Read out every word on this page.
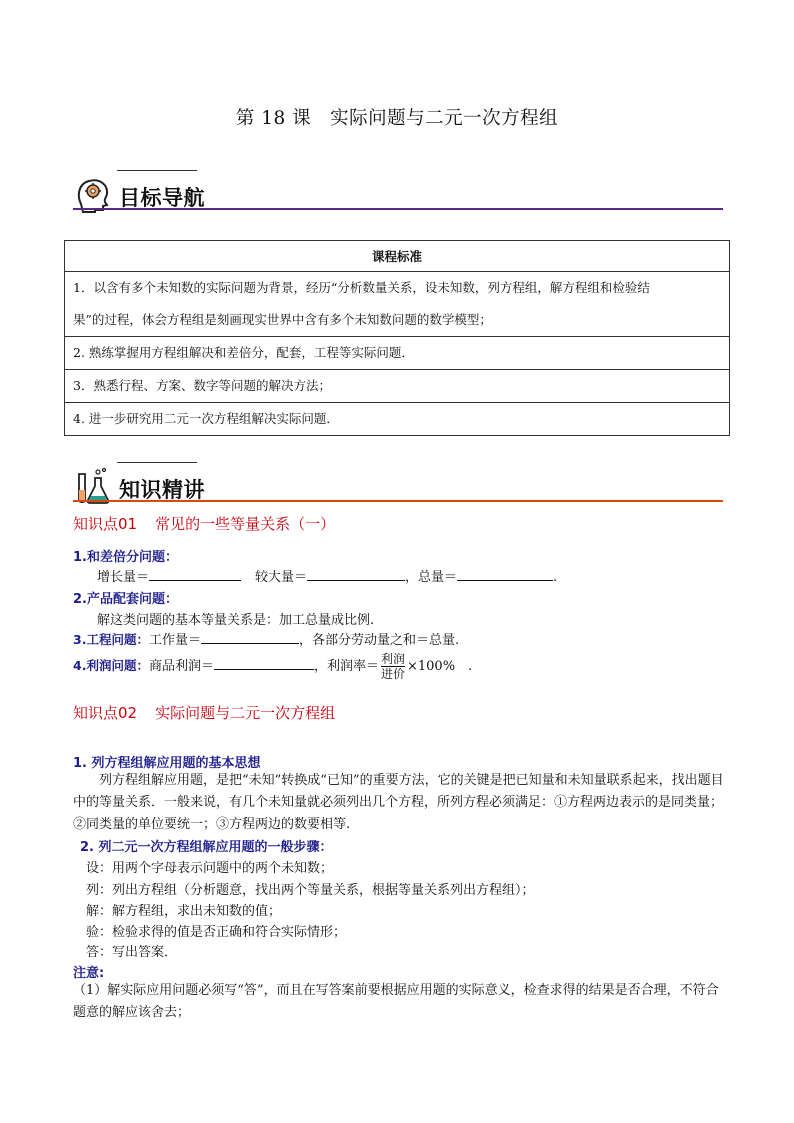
第 18 课　实际问题与二元一次方程组
目标导航
课程标准

1．以含有多个未知数的实际问题为背景，经历“分析数量关系，设未知数，列方程组，解方程组和检验结
果”的过程，体会方程组是刻画现实世界中含有多个未知数问题的数学模型；

2. 熟练掌握用方程组解决和差倍分，配套，工程等实际问题．
3．熟悉行程、方案、数字等问题的解决方法；
4. 进一步研究用二元一次方程组解决实际问题．
知识精讲
知识点01 常见的一些等量关系（一）
1.和差倍分问题：
增长量＝	较大量＝	，总量＝	.
2.产品配套问题：
解这类问题的基本等量关系是：加工总量成比例.
3.工程问题：工作量＝	，各部分劳动量之和＝总量.
4.利润问题：商品利润＝	，利润率＝ $\frac{\text{利润}}{\text{进价}} \times 100\%$　.
知识点02 实际问题与二元一次方程组
1. 列方程组解应用题的基本思想
列方程组解应用题，是把“未知”转换成“已知”的重要方法，它的关键是把已知量和未知量联系起来，找出题目中的等量关系．一般来说，有几个未知量就必须列出几个方程，所列方程必须满足：①方程两边表示的是同类量；②同类量的单位要统一；③方程两边的数要相等.
2. 列二元一次方程组解应用题的一般步骤：
设：用两个字母表示问题中的两个未知数；
列：列出方程组（分析题意，找出两个等量关系，根据等量关系列出方程组）；
解：解方程组，求出未知数的值；
验：检验求得的值是否正确和符合实际情形；
答：写出答案．
注意:
（1）解实际应用问题必须写“答”，而且在写答案前要根据应用题的实际意义，检查求得的结果是否合理，不符合题意的解应该舍去；
